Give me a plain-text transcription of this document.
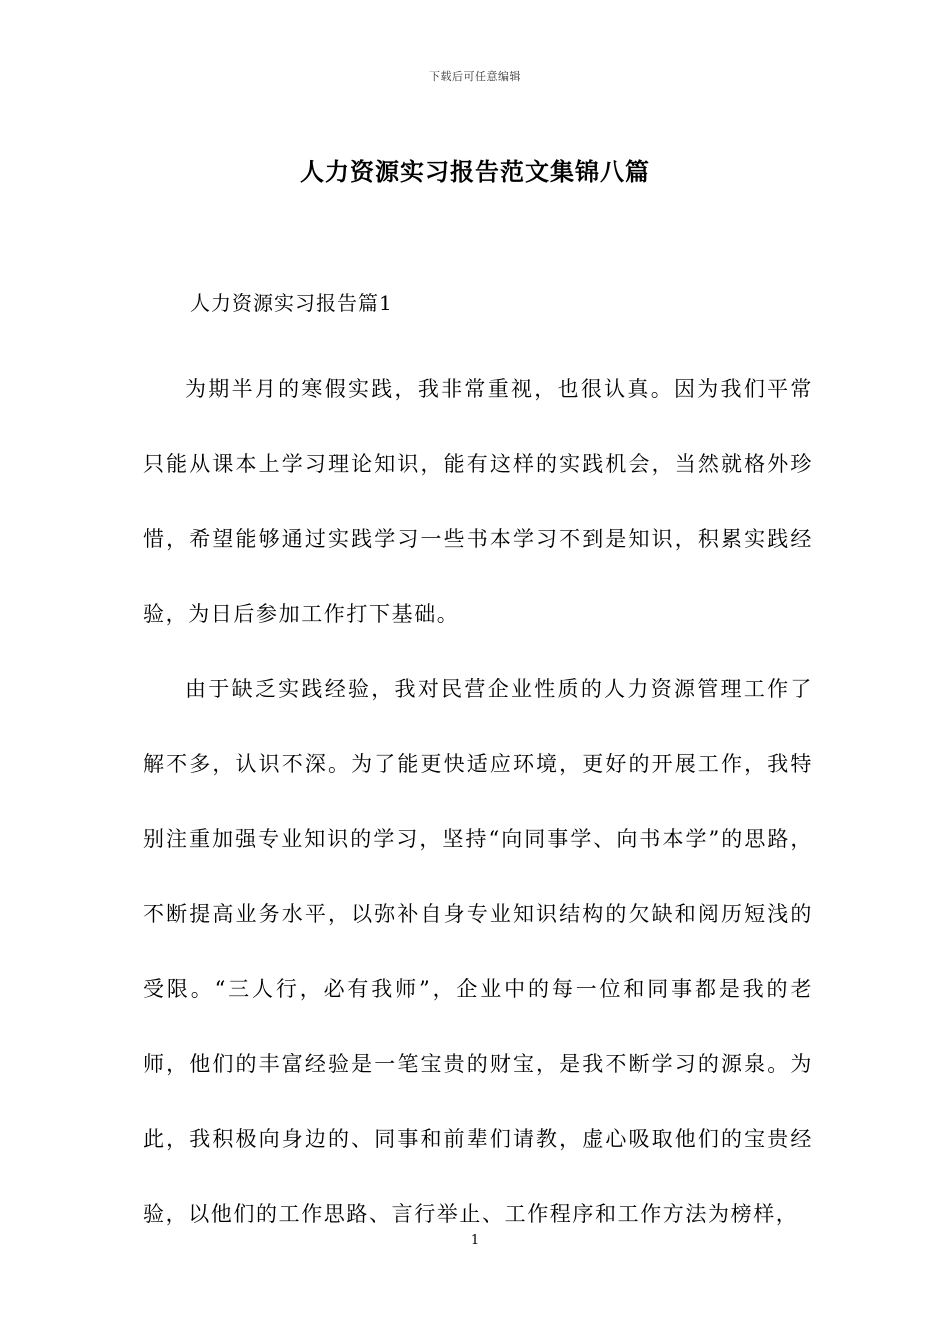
下载后可任意编辑
人力资源实习报告范文集锦八篇
人力资源实习报告篇1

为期半月的寒假实践，我非常重视，也很认真。因为我们平常只能从课本上学习理论知识，能有这样的实践机会，当然就格外珍惜，希望能够通过实践学习一些书本学习不到是知识，积累实践经验，为日后参加工作打下基础。

由于缺乏实践经验，我对民营企业性质的人力资源管理工作了解不多，认识不深。为了能更快适应环境，更好的开展工作，我特别注重加强专业知识的学习，坚持“向同事学、向书本学”的思路，不断提高业务水平，以弥补自身专业知识结构的欠缺和阅历短浅的受限。“三人行，必有我师”，企业中的每一位和同事都是我的老师，他们的丰富经验是一笔宝贵的财宝，是我不断学习的源泉。为此，我积极向身边的、同事和前辈们请教，虚心吸取他们的宝贵经验，以他们的工作思路、言行举止、工作程序和工作方法为榜样，

1
